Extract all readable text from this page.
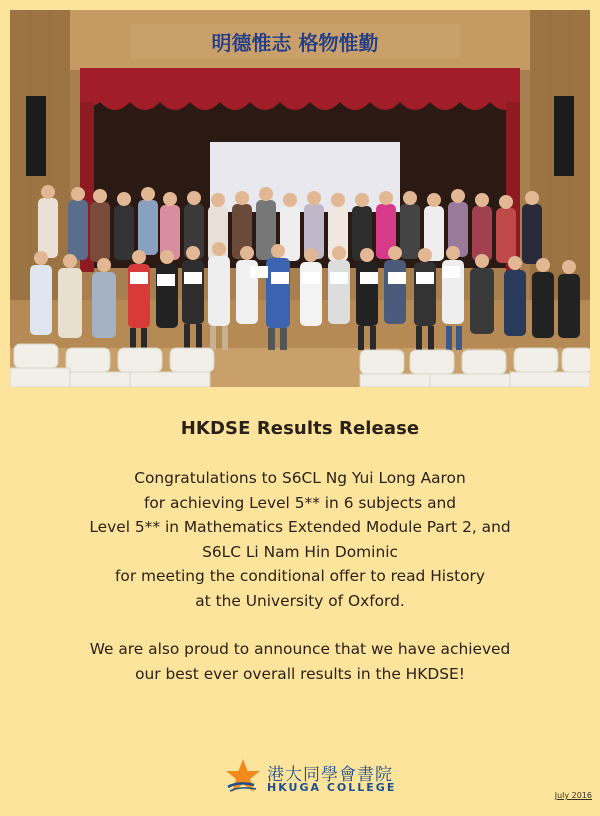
明德惟志 格物惟勤
HKDSE Results Release
Congratulations to S6CL Ng Yui Long Aaron
for achieving Level 5** in 6 subjects and
Level 5** in Mathematics Extended Module Part 2, and
S6LC Li Nam Hin Dominic
for meeting the conditional offer to read History
at the University of Oxford.
We are also proud to announce that we have achieved
our best ever overall results in the HKDSE!
港大同學會書院
HKUGA COLLEGE
July 2016
